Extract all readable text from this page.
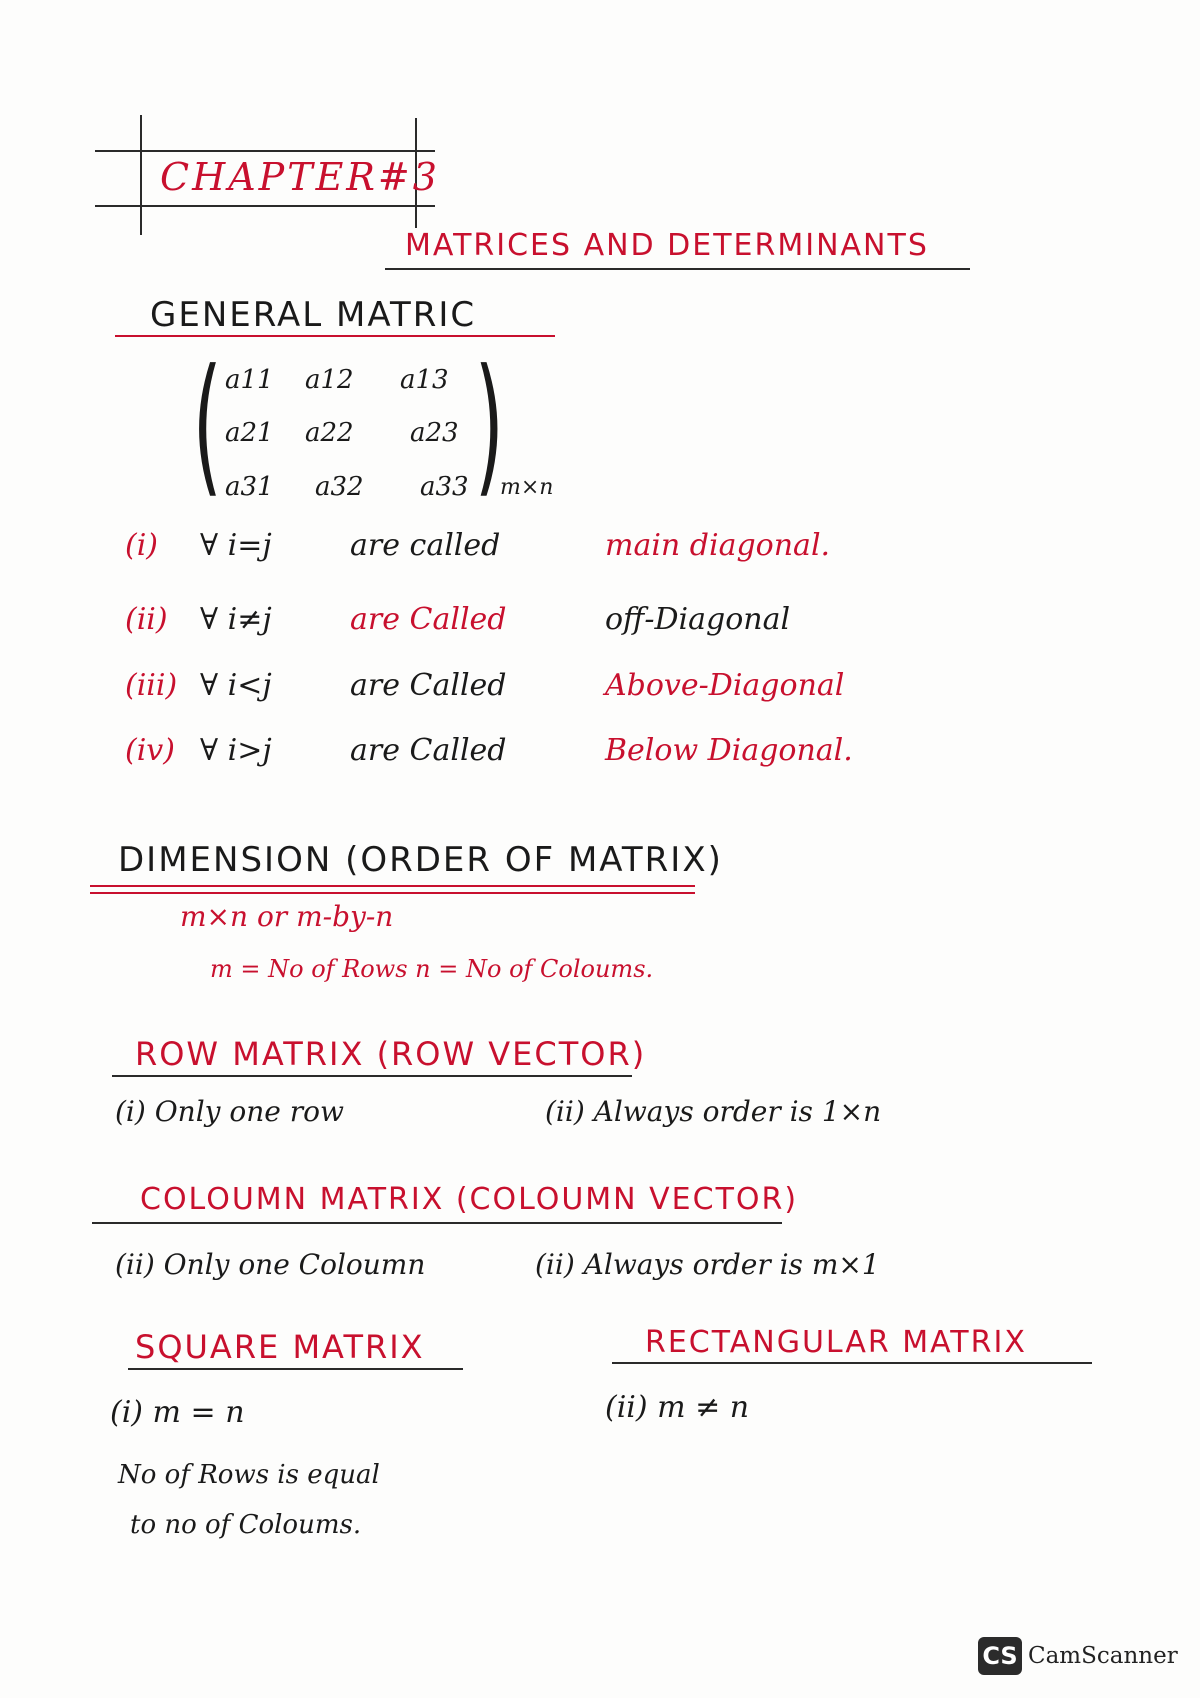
CHAPTER#3
MATRICES AND DETERMINANTS
GENERAL MATRIC
( )
a11 a12 a13
a21 a22 a23
a31 a32 a33 m×n
(i) ∀ i=j	are called	main diagonal.
(ii) ∀ i≠j	are Called	off-Diagonal
(iii) ∀ i<j	are Called	Above-Diagonal
(iv) ∀ i>j	are Called	Below Diagonal.
DIMENSION (ORDER OF MATRIX)
m×n or m-by-n
m = No of Rows n = No of Coloums.
ROW MATRIX (ROW VECTOR)
(i) Only one row	(ii) Always order is 1×n
COLOUMN MATRIX (COLOUMN VECTOR)
(ii) Only one Coloumn	(ii) Always order is m×1
SQUARE MATRIX	RECTANGULAR MATRIX
(i) m = n	(ii) m ≠ n
No of Rows is equal
to no of Coloums.
CS CamScanner
